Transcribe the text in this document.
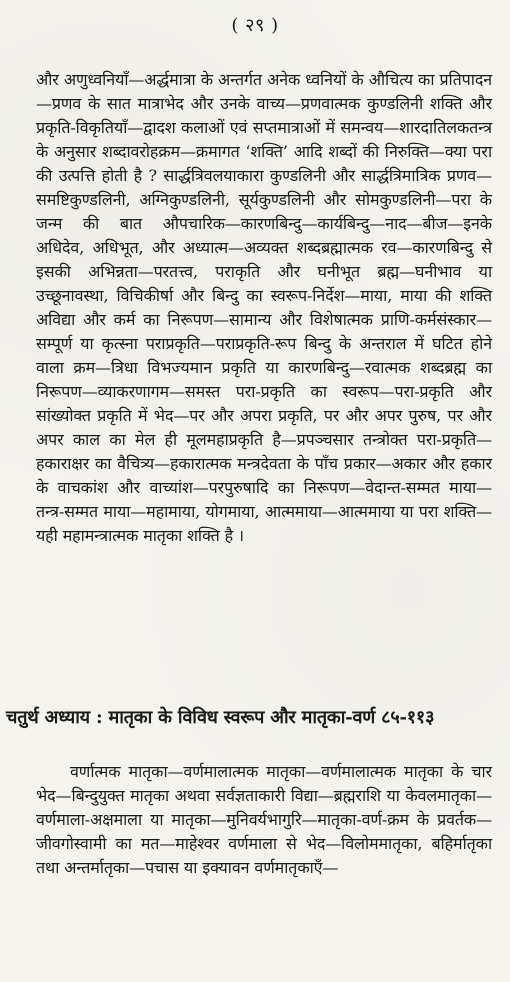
( २९ )

और अणुध्वनियाँ—अर्द्धमात्रा के अन्तर्गत अनेक ध्वनियों के औचित्य का प्रतिपादन—प्रणव के सात मात्राभेद और उनके वाच्य—प्रणवात्मक कुण्डलिनी शक्ति और प्रकृति-विकृतियाँ—द्वादश कलाओं एवं सप्तमात्राओं में समन्वय—शारदातिलकतन्त्र के अनुसार शब्दावरोहक्रम—क्रमागत ‘शक्ति’ आदि शब्दों की निरुक्ति—क्या परा की उत्पत्ति होती है ? सार्द्धत्रिवलयाकारा कुण्डलिनी और सार्द्धत्रिमात्रिक प्रणव—समष्टिकुण्डलिनी, अग्निकुण्डलिनी, सूर्यकुण्डलिनी और सोमकुण्डलिनी—परा के जन्म की बात औपचारिक—कारणबिन्दु—कार्यबिन्दु—नाद—बीज—इनके अधिदेव, अधिभूत, और अध्यात्म—अव्यक्त शब्दब्रह्मात्मक रव—कारणबिन्दु से इसकी अभिन्नता—परतत्त्व, पराकृति और घनीभूत ब्रह्म—घनीभाव या उच्छूनावस्था, विचिकीर्षा और बिन्दु का स्वरूप-निर्देश—माया, माया की शक्ति अविद्या और कर्म का निरूपण—सामान्य और विशेषात्मक प्राणि-कर्मसंस्कार—सम्पूर्ण या कृत्स्ना पराप्रकृति—पराप्रकृति-रूप बिन्दु के अन्तराल में घटित होने वाला क्रम—त्रिधा विभज्यमान प्रकृति या कारणबिन्दु—रवात्मक शब्दब्रह्म का निरूपण—व्याकरणागम—समस्त परा-प्रकृति का स्वरूप—परा-प्रकृति और सांख्योक्त प्रकृति में भेद—पर और अपरा प्रकृति, पर और अपर पुरुष, पर और अपर काल का मेल ही मूलमहाप्रकृति है—प्रपञ्चसार तन्त्रोक्त परा-प्रकृति—हकाराक्षर का वैचित्र्य—हकारात्मक मन्त्रदेवता के पाँच प्रकार—अकार और हकार के वाचकांश और वाच्यांश—परपुरुषादि का निरूपण—वेदान्त-सम्मत माया—तन्त्र-सम्मत माया—महामाया, योगमाया, आत्ममाया—आत्ममाया या परा शक्ति—यही महामन्त्रात्मक मातृका शक्ति है ।

चतुर्थ अध्याय : मातृका के विविध स्वरूप और मातृका-वर्ण ८५-११३

वर्णात्मक मातृका—वर्णमालात्मक मातृका—वर्णमालात्मक मातृका के चार भेद—बिन्दुयुक्त मातृका अथवा सर्वज्ञताकारी विद्या—ब्रह्मराशि या केवलमातृका—वर्णमाला-अक्षमाला या मातृका—मुनिवर्यभागुरि—मातृका-वर्ण-क्रम के प्रवर्तक—जीवगोस्वामी का मत—माहेश्वर वर्णमाला से भेद—विलोममातृका, बहिर्मातृका तथा अन्तर्मातृका—पचास या इक्यावन वर्णमातृकाएँ—
